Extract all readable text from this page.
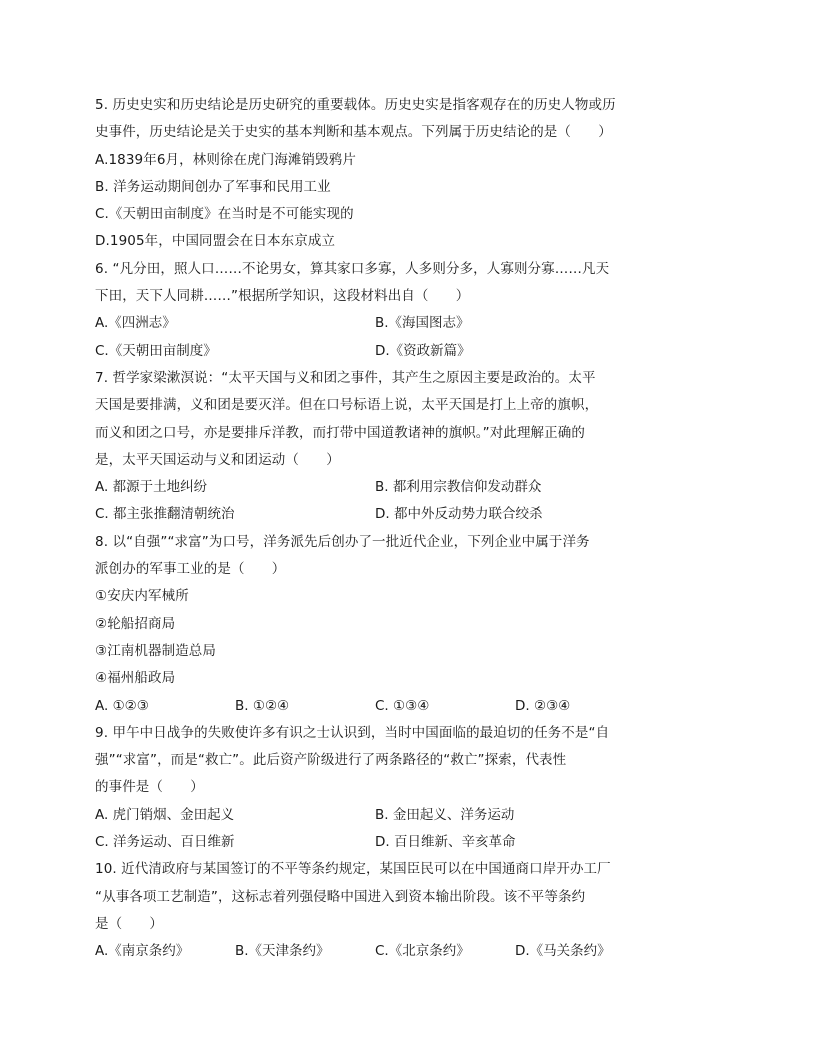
5. 历史史实和历史结论是历史研究的重要载体。历史史实是指客观存在的历史人物或历
史事件，历史结论是关于史实的基本判断和基本观点。下列属于历史结论的是（　　）
A.1839年6月，林则徐在虎门海滩销毁鸦片
B. 洋务运动期间创办了军事和民用工业
C.《天朝田亩制度》在当时是不可能实现的
D.1905年，中国同盟会在日本东京成立
6. “凡分田，照人口……不论男女，算其家口多寡，人多则分多，人寡则分寡……凡天
下田，天下人同耕……”根据所学知识，这段材料出自（　　）
A.《四洲志》	B.《海国图志》
C.《天朝田亩制度》	D.《资政新篇》
7. 哲学家梁漱溟说：“太平天国与义和团之事件，其产生之原因主要是政治的。太平
天国是要排满，义和团是要灭洋。但在口号标语上说，太平天国是打上上帝的旗帜，
而义和团之口号，亦是要排斥洋教，而打带中国道教诸神的旗帜。”对此理解正确的
是，太平天国运动与义和团运动（　　）
A. 都源于土地纠纷	B. 都利用宗教信仰发动群众
C. 都主张推翻清朝统治	D. 都中外反动势力联合绞杀
8. 以“自强”“求富”为口号，洋务派先后创办了一批近代企业，下列企业中属于洋务
派创办的军事工业的是（　　）
①安庆内军械所
②轮船招商局
③江南机器制造总局
④福州船政局
A. ①②③	B. ①②④	C. ①③④	D. ②③④
9. 甲午中日战争的失败使许多有识之士认识到，当时中国面临的最迫切的任务不是“自
强”“求富”，而是“救亡”。此后资产阶级进行了两条路径的“救亡”探索，代表性
的事件是（　　）
A. 虎门销烟、金田起义	B. 金田起义、洋务运动
C. 洋务运动、百日维新	D. 百日维新、辛亥革命
10. 近代清政府与某国签订的不平等条约规定，某国臣民可以在中国通商口岸开办工厂
“从事各项工艺制造”，这标志着列强侵略中国进入到资本输出阶段。该不平等条约
是（　　）
A.《南京条约》	B.《天津条约》	C.《北京条约》	D.《马关条约》
